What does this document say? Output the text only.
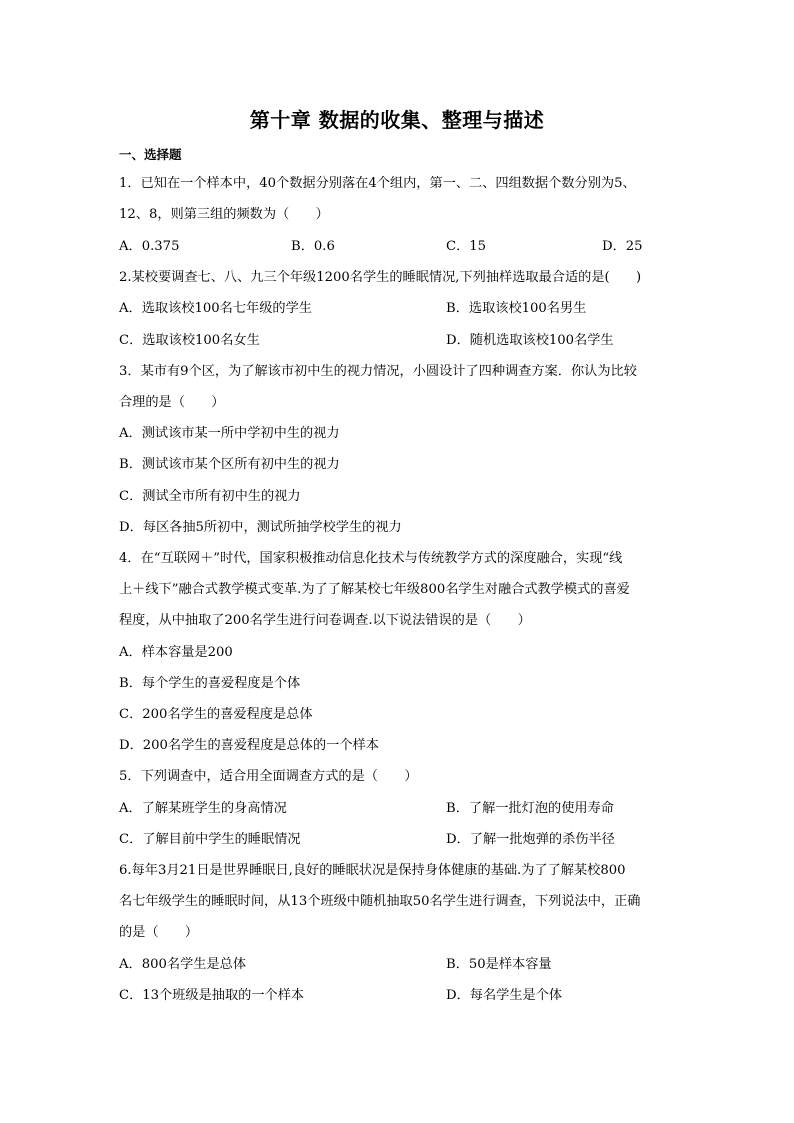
第十章 数据的收集、整理与描述
一、选择题
1．已知在一个样本中，40个数据分别落在4个组内，第一、二、四组数据个数分别为5、
12、8，则第三组的频数为（　　）
A．0.375	B．0.6	C．15	D．25
2.某校要调查七、八、九三个年级1200名学生的睡眠情况,下列抽样选取最合适的是(　　)
A．选取该校100名七年级的学生	B．选取该校100名男生
C．选取该校100名女生	D．随机选取该校100名学生
3．某市有9个区，为了解该市初中生的视力情况，小圆设计了四种调查方案．你认为比较
合理的是（　　）
A．测试该市某一所中学初中生的视力
B．测试该市某个区所有初中生的视力
C．测试全市所有初中生的视力
D．每区各抽5所初中，测试所抽学校学生的视力
4．在“互联网＋”时代，国家积极推动信息化技术与传统教学方式的深度融合，实现“线
上＋线下”融合式教学模式变革.为了了解某校七年级800名学生对融合式教学模式的喜爱
程度，从中抽取了200名学生进行问卷调查.以下说法错误的是（　　）
A．样本容量是200
B．每个学生的喜爱程度是个体
C．200名学生的喜爱程度是总体
D．200名学生的喜爱程度是总体的一个样本
5．下列调查中，适合用全面调查方式的是（　　）
A．了解某班学生的身高情况	B．了解一批灯泡的使用寿命
C．了解目前中学生的睡眠情况	D．了解一批炮弹的杀伤半径
6.每年3月21日是世界睡眠日,良好的睡眠状况是保持身体健康的基础.为了了解某校800
名七年级学生的睡眠时间，从13个班级中随机抽取50名学生进行调查，下列说法中，正确
的是（　　）
A．800名学生是总体	B．50是样本容量
C．13个班级是抽取的一个样本	D．每名学生是个体
